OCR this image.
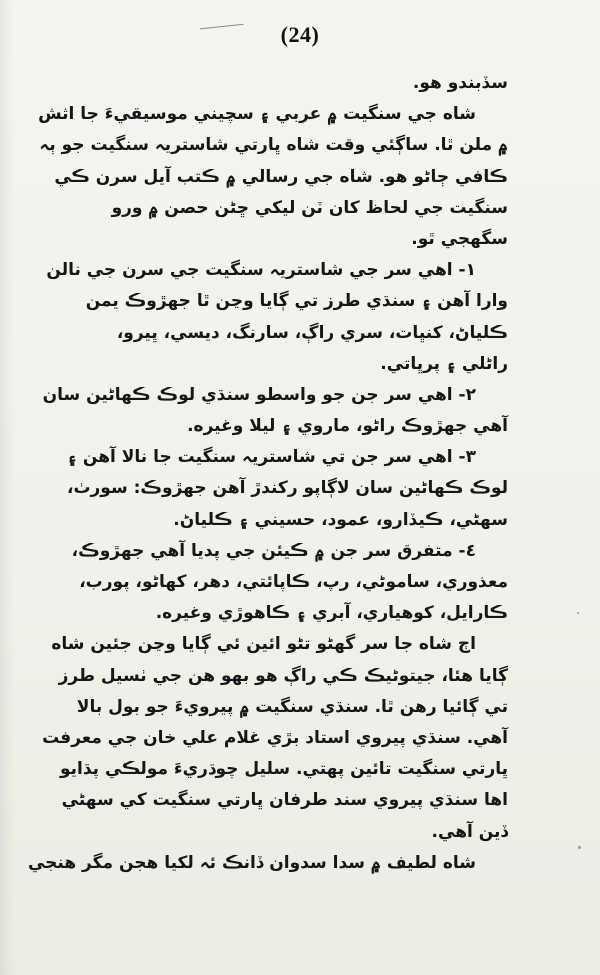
(24)
سڏبندو هو.
شاه جي سنگيت ۾ عربي ۽ سچيني موسيقيءَ جا اثش
۾ ملن ٿا. ساڳئي وقت شاه ڀارتي شاستريہ سنگيت جو ٻہ
ڪافي ڄاڻو هو. شاه جي رسالي ۾ ڪتب آيل سرن ڪي
سنگيت جي لحاظ کان ٽن ليکي ڇڻن حصن ۾ ورو
سگهجي ٿو.
١- اهي سر جي شاستريہ سنگيت جي سرن جي نالن
وارا آهن ۽ سنڌي طرز تي ڳايا وڃن ٿا جهڙوڪ يمن
ڪلياڻ، کنڀات، سري راڳ، سارنگ، ديسي، ڀيرو،
راڻلي ۽ پرڀاتي.
٢- اهي سر جن جو واسطو سنڌي لوڪ ڪهاڻين سان
آهي جهڙوڪ راڻو، ماروي ۽ ليلا وغيره.
٣- اهي سر جن تي شاستريہ سنگيت جا نالا آهن ۽
لوڪ ڪهاڻين سان لاڳاپو رکندڙ آهن جهڙوڪ: سورٺ،
سهڻي، ڪيڏارو، عمود، حسيني ۽ ڪلياڻ.
٤- متفرق سر جن ۾ ڪيئن جي پديا آهي جهڙوڪ،
معذوري، ساموڻي، رپ، ڪاپائتي، دهر، کهاڻو، پورب،
ڪارايل، کوهياري، آبري ۽ ڪاهوڙي وغيره.
اڄ شاه جا سر گهڻو تڻو ائين ئي ڳايا وڃن جئين شاه
ڳايا هئا، جيتوڻيڪ ڪي راڳ هو بهو هن جي ٺسيل طرز
تي ڳائيا رهن ٿا. سنڌي سنگيت ۾ پيرويءَ جو بول بالا
آهي. سنڌي پيروي استاد بڙي غلام علي خان جي معرفت
ڀارتي سنگيت تائين پهتي. سليل چوڌريءَ مولڪي پڌايو
اها سنڌي پيروي سند طرفان ڀارتي سنگيت کي سهڻي
ڏين آهي.
شاه لطيف ۾ سدا سدوان ڏانڪ ئہ لکيا هجن مگر هنجي
